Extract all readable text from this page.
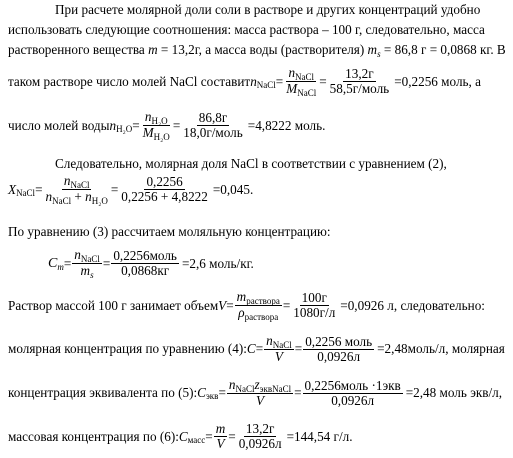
При расчете молярной доли соли в растворе и других концентраций удобно
использовать следующие соотношения: масса раствора – 100 г, следовательно, масса
растворенного вещества m = 13,2г, а масса воды (растворителя) $m_s = 86,8$ г = 0,0868 кг. В
таком растворе число молей NaCl составит n NaCl = $\frac{n_{NaCl}}{M_{NaCl}} = \frac{13,2г}{\text{58,5г/моль}} =0,2256$ моль, а
число молей воды n $H_2O = \frac{n_{H_2O}}{M_{H_2O}} = \frac{86,8г}{\text{18,0г/моль}} =4,8222$ моль.
Следовательно, молярная доля NaCl в соответствии с уравнением (2),
X NaCl = $\frac{n_{NaCl}}{n_{NaCl} + n_{H_2O}} = \frac{0,2256}{0,2256 + 4,8222} =0,045$.
По уравнению (3) рассчитаем моляльную концентрацию:
C $m = \frac{n_{NaCl}}{m_s} = \frac{\text{0,2256моль}}{0,0868кг} =2,6$ моль/кг.
Раствор массой 100 г занимает объем $V = \frac{m_{раствора}}{\rho_{раствора}} = \frac{100г}{1080г/л} =0,0926$ л, следовательно:
молярная концентрация по уравнению (4): $C = \frac{n_{NaCl}}{V} = \frac{\text{0,2256 моль}}{0,0926л}$ =2,48моль/л, молярная
концентрация эквивалента по (5): C экв = $\frac{n_{NaCl}z_{эквNaCl}}{V} = \frac{\text{0,2256моль ·1экв}}{0,0926л} =2,48$ моль экв/л,
массовая концентрация по (6): C масс = $\frac{m}{V} = \frac{13,2г}{0,0926л} =144,54$ г/л.
